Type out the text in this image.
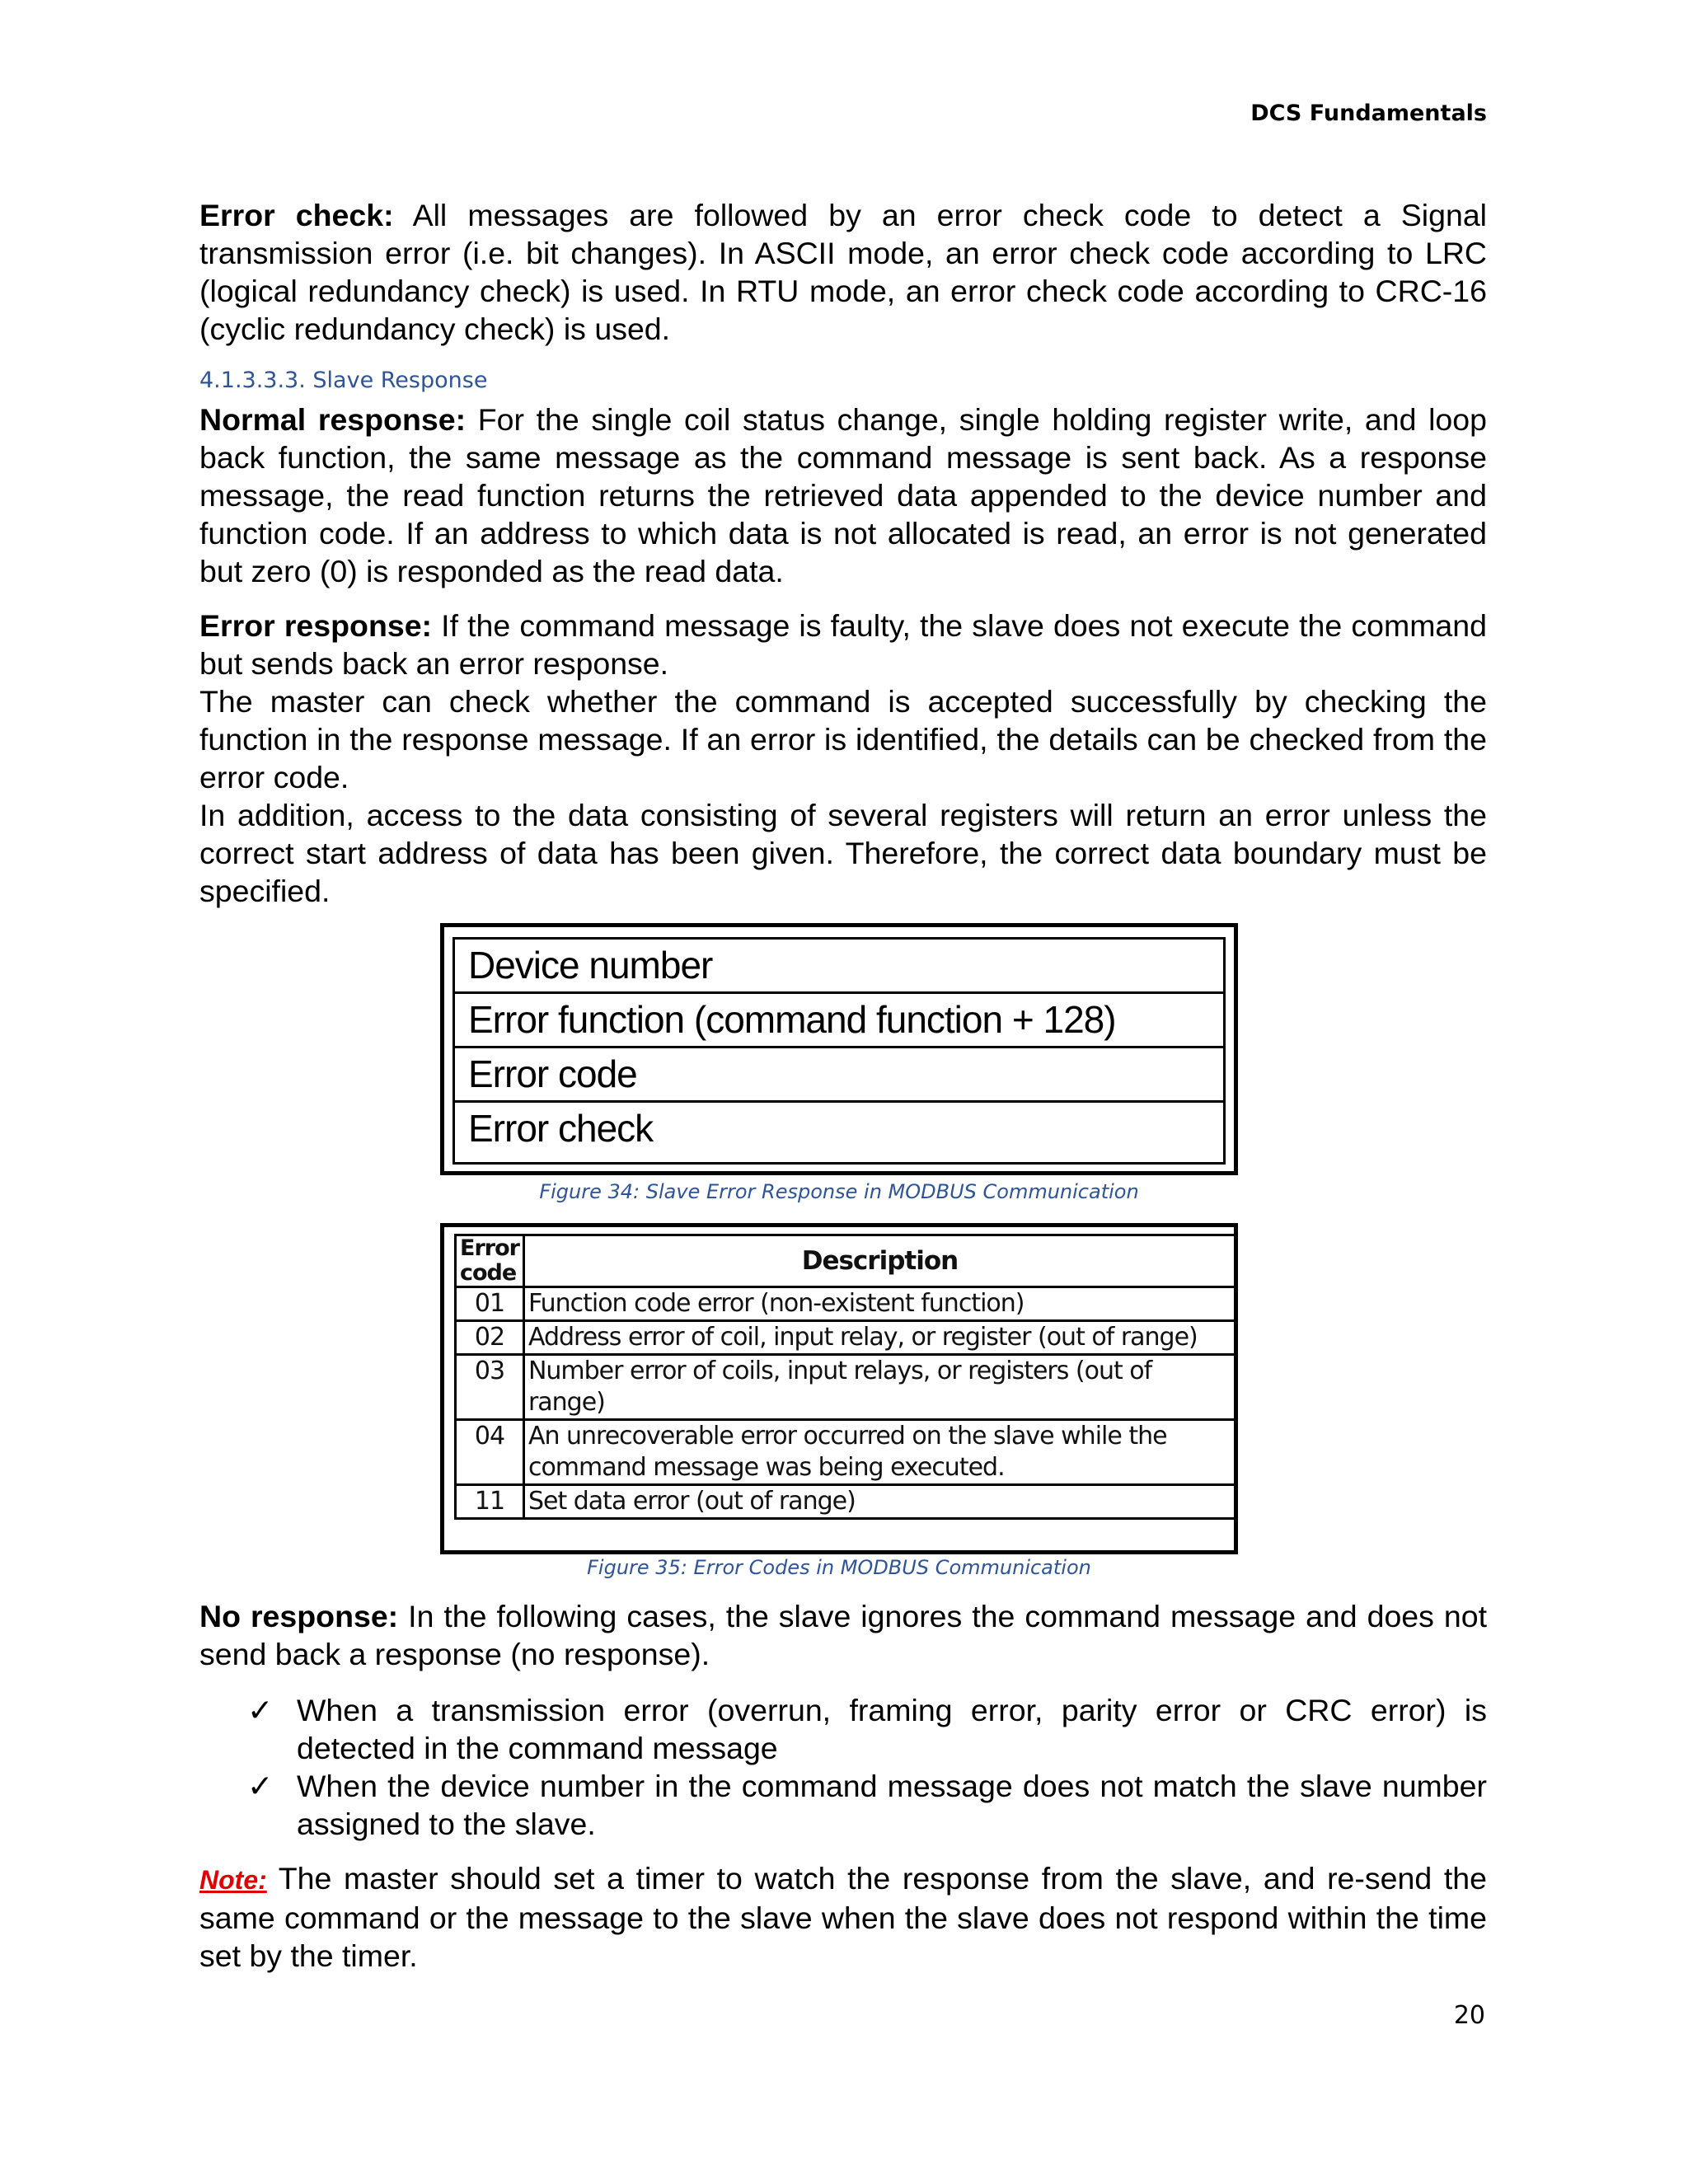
DCS Fundamentals
Error check: All messages are followed by an error check code to detect a Signal transmission error (i.e. bit changes). In ASCII mode, an error check code according to LRC (logical redundancy check) is used. In RTU mode, an error check code according to CRC-16 (cyclic redundancy check) is used.
4.1.3.3.3. Slave Response
Normal response: For the single coil status change, single holding register write, and loop back function, the same message as the command message is sent back. As a response message, the read function returns the retrieved data appended to the device number and function code. If an address to which data is not allocated is read, an error is not generated but zero (0) is responded as the read data.
Error response: If the command message is faulty, the slave does not execute the command but sends back an error response.
The master can check whether the command is accepted successfully by checking the function in the response message. If an error is identified, the details can be checked from the error code.
In addition, access to the data consisting of several registers will return an error unless the correct start address of data has been given. Therefore, the correct data boundary must be specified.
Device number
Error function (command function + 128)
Error code
Error check
Figure 34: Slave Error Response in MODBUS Communication
Error code	Description
01	Function code error (non-existent function)
02	Address error of coil, input relay, or register (out of range)
03	Number error of coils, input relays, or registers (out of range)
04	An unrecoverable error occurred on the slave while the command message was being executed.
11	Set data error (out of range)
Figure 35: Error Codes in MODBUS Communication
No response: In the following cases, the slave ignores the command message and does not send back a response (no response).
✓ When a transmission error (overrun, framing error, parity error or CRC error) is detected in the command message
✓ When the device number in the command message does not match the slave number assigned to the slave.
Note: The master should set a timer to watch the response from the slave, and re-send the same command or the message to the slave when the slave does not respond within the time set by the timer.
20
